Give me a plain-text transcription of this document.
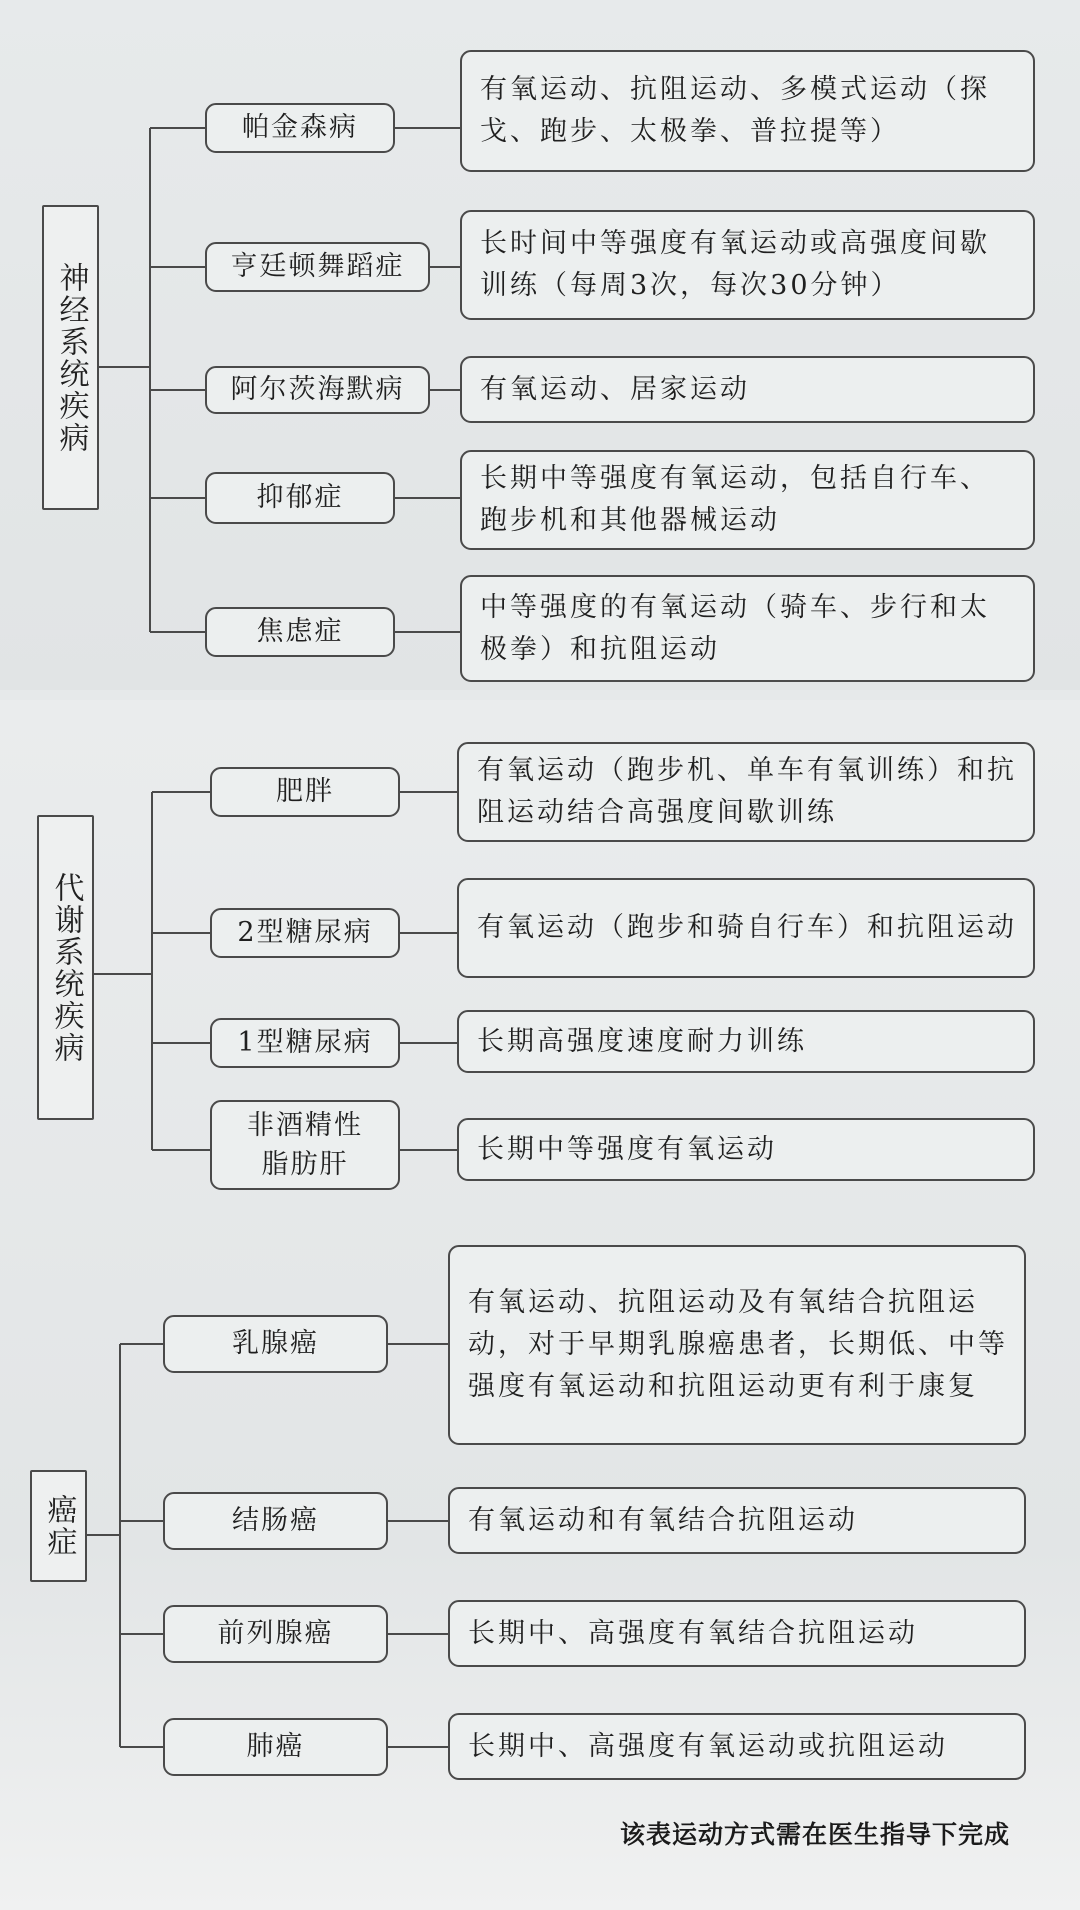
神经系统疾病
帕金森病
亨廷顿舞蹈症
阿尔茨海默病
抑郁症
焦虑症
有氧运动、抗阻运动、多模式运动（探戈、跑步、太极拳、普拉提等）
长时间中等强度有氧运动或高强度间歇训练（每周3次，每次30分钟）
有氧运动、居家运动
长期中等强度有氧运动，包括自行车、跑步机和其他器械运动
中等强度的有氧运动（骑车、步行和太极拳）和抗阻运动
代谢系统疾病
肥胖
2型糖尿病
1型糖尿病
非酒精性脂肪肝
有氧运动（跑步机、单车有氧训练）和抗阻运动结合高强度间歇训练
有氧运动（跑步和骑自行车）和抗阻运动
长期高强度速度耐力训练
长期中等强度有氧运动
癌症
乳腺癌
结肠癌
前列腺癌
肺癌
有氧运动、抗阻运动及有氧结合抗阻运动，对于早期乳腺癌患者，长期低、中等强度有氧运动和抗阻运动更有利于康复
有氧运动和有氧结合抗阻运动
长期中、高强度有氧结合抗阻运动
长期中、高强度有氧运动或抗阻运动
该表运动方式需在医生指导下完成
